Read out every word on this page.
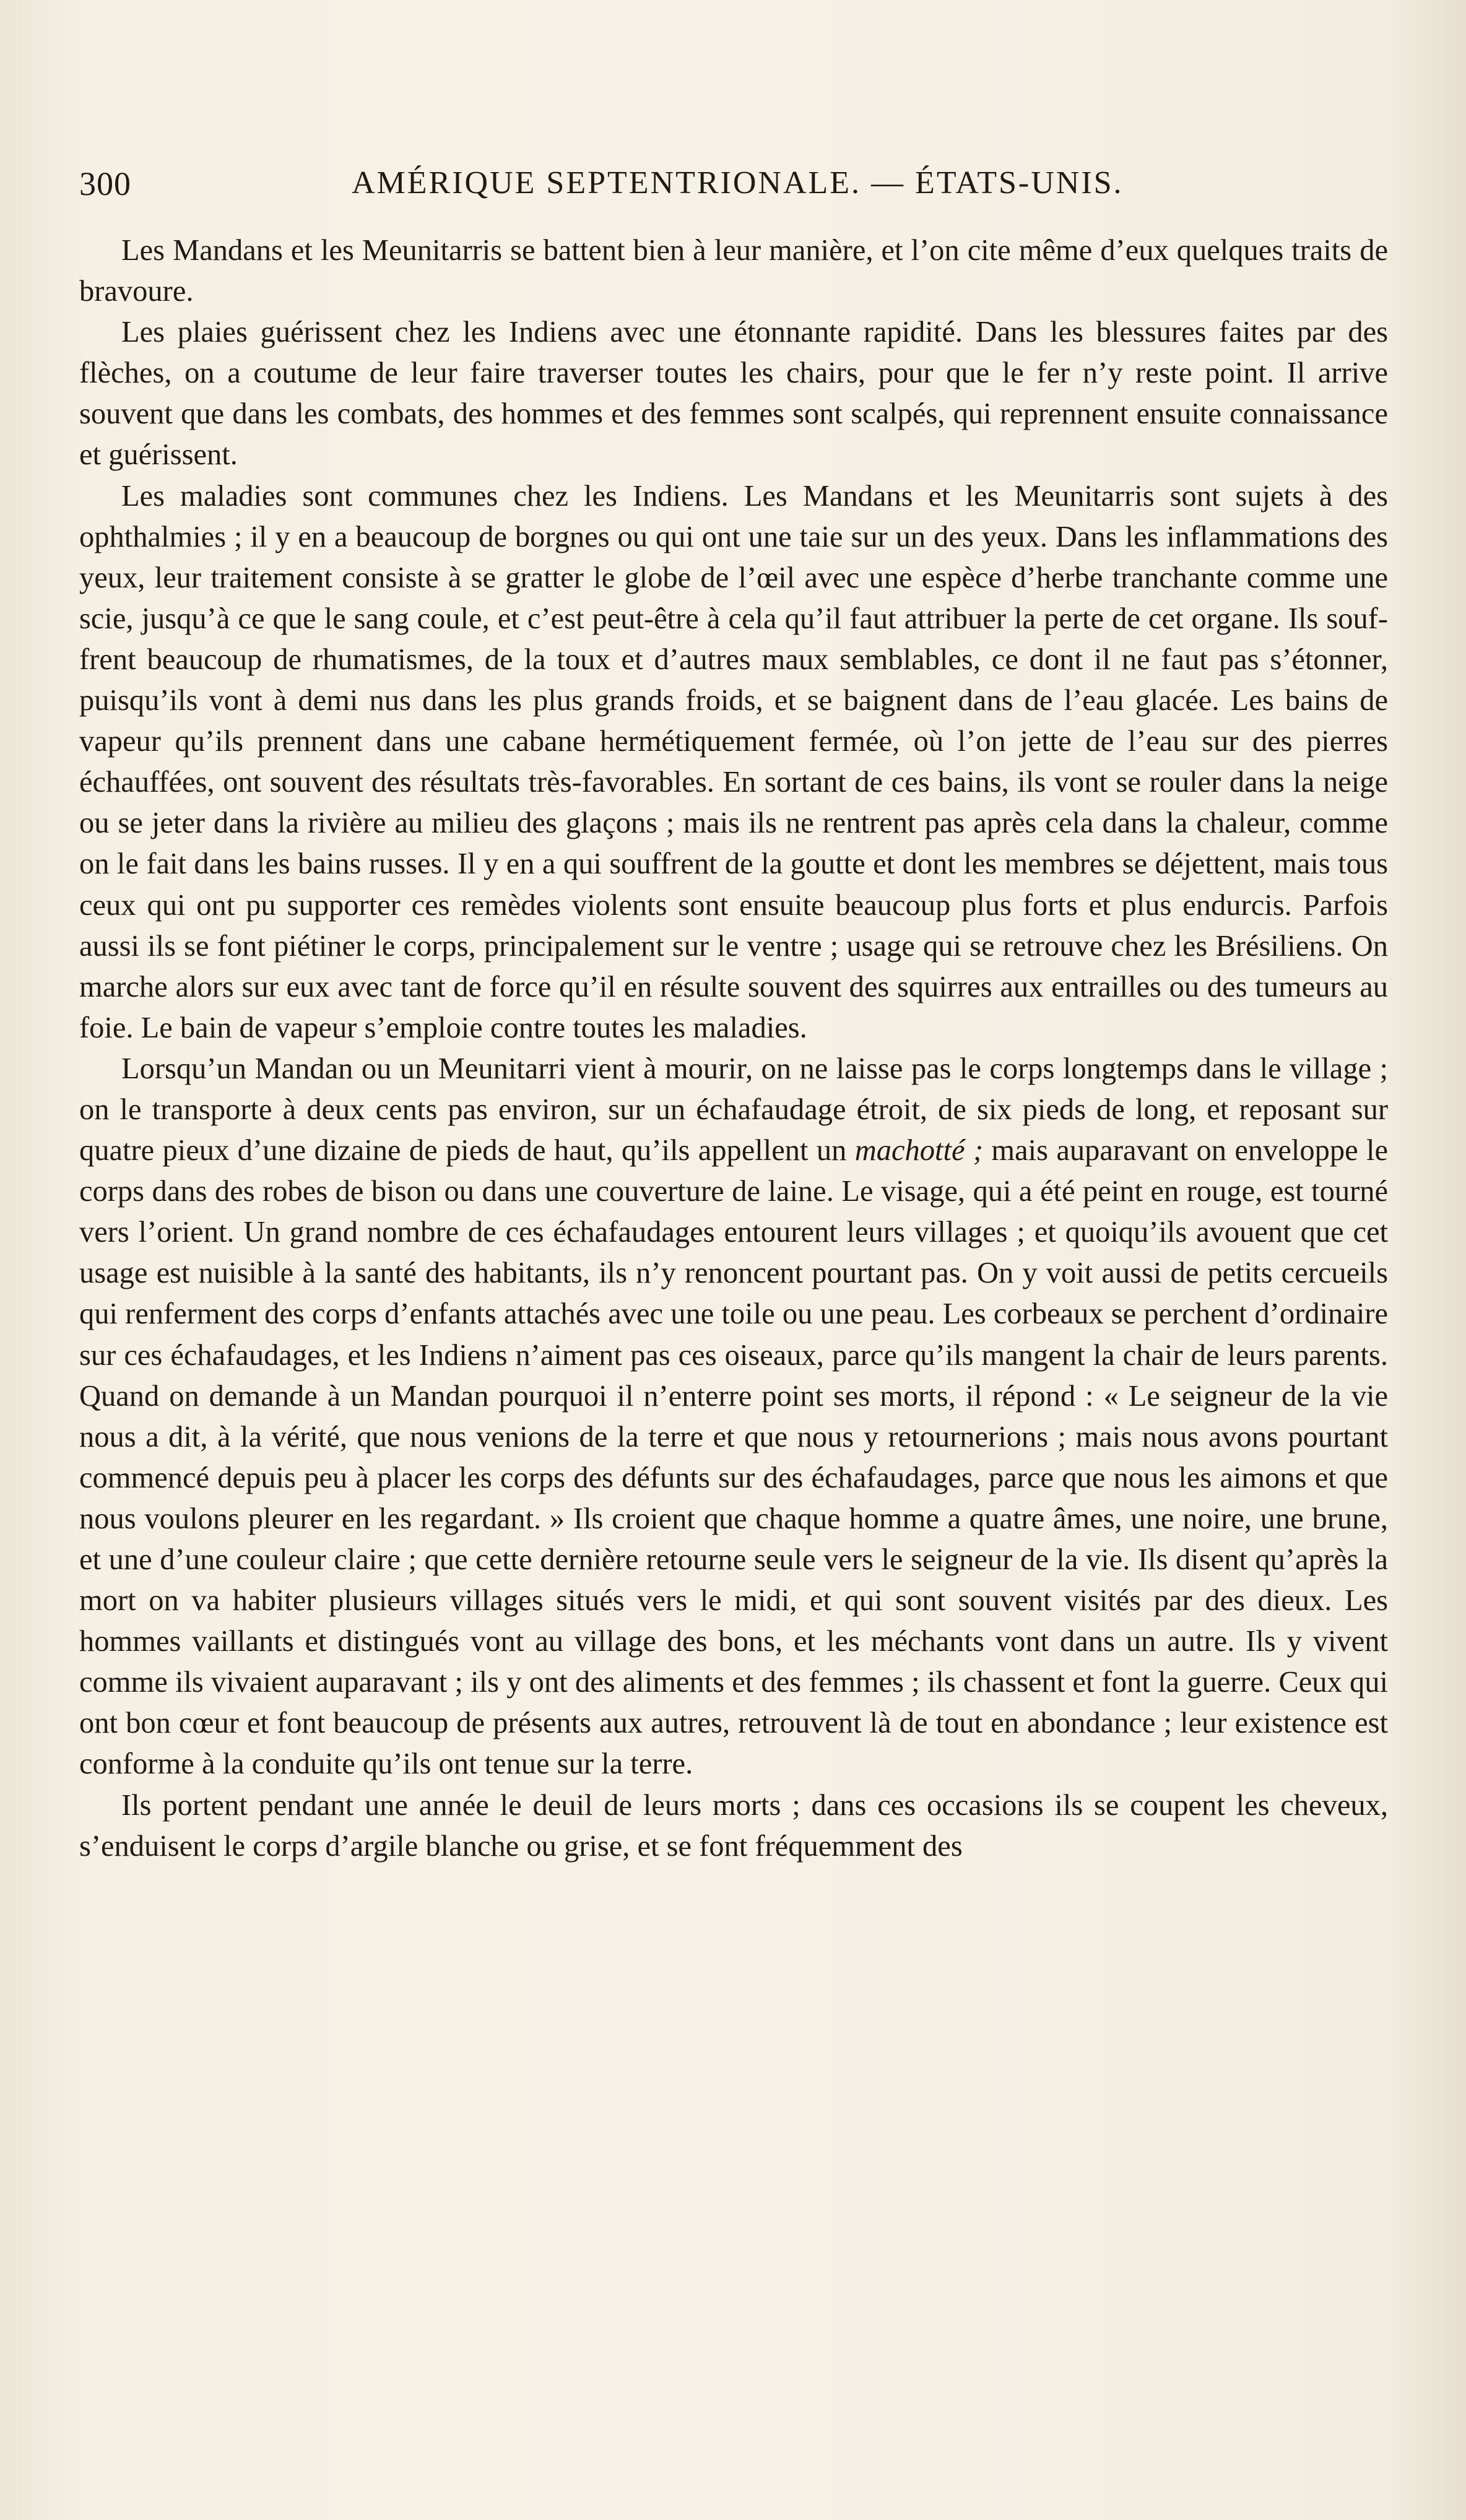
300	AMÉRIQUE SEPTENTRIONALE. — ÉTATS-UNIS.

Les Mandans et les Meunitarris se battent bien à leur manière, et l’on cite même d’eux quelques traits de bravoure.

Les plaies guérissent chez les Indiens avec une étonnante rapidité. Dans les blessures faites par des flèches, on a coutume de leur faire traverser toutes les chairs, pour que le fer n’y reste point. Il arrive souvent que dans les combats, des hommes et des femmes sont scalpés, qui reprennent ensuite connaissance et guérissent.

Les maladies sont communes chez les Indiens. Les Mandans et les Meunitarris sont sujets à des ophthalmies ; il y en a beaucoup de borgnes ou qui ont une taie sur un des yeux. Dans les inflammations des yeux, leur traitement consiste à se gratter le globe de l’œil avec une espèce d’herbe tranchante comme une scie, jusqu’à ce que le sang coule, et c’est peut-être à cela qu’il faut attribuer la perte de cet organe. Ils souffrent beaucoup de rhumatismes, de la toux et d’autres maux semblables, ce dont il ne faut pas s’étonner, puisqu’ils vont à demi nus dans les plus grands froids, et se baignent dans de l’eau glacée. Les bains de vapeur qu’ils prennent dans une cabane hermétiquement fermée, où l’on jette de l’eau sur des pierres échauffées, ont souvent des résultats très-favorables. En sortant de ces bains, ils vont se rouler dans la neige ou se jeter dans la rivière au milieu des glaçons ; mais ils ne rentrent pas après cela dans la chaleur, comme on le fait dans les bains russes. Il y en a qui souffrent de la goutte et dont les membres se déjettent, mais tous ceux qui ont pu supporter ces remèdes violents sont ensuite beaucoup plus forts et plus endurcis. Parfois aussi ils se font piétiner le corps, principalement sur le ventre ; usage qui se retrouve chez les Brésiliens. On marche alors sur eux avec tant de force qu’il en résulte souvent des squirres aux entrailles ou des tumeurs au foie. Le bain de vapeur s’emploie contre toutes les maladies.

Lorsqu’un Mandan ou un Meunitarri vient à mourir, on ne laisse pas le corps longtemps dans le village ; on le transporte à deux cents pas environ, sur un échafaudage étroit, de six pieds de long, et reposant sur quatre pieux d’une dizaine de pieds de haut, qu’ils appellent un machotté ; mais auparavant on enveloppe le corps dans des robes de bison ou dans une couverture de laine. Le visage, qui a été peint en rouge, est tourné vers l’orient. Un grand nombre de ces échafaudages entourent leurs villages ; et quoiqu’ils avouent que cet usage est nuisible à la santé des habitants, ils n’y renoncent pourtant pas. On y voit aussi de petits cercueils qui renferment des corps d’enfants attachés avec une toile ou une peau. Les corbeaux se perchent d’ordinaire sur ces échafaudages, et les Indiens n’aiment pas ces oiseaux, parce qu’ils mangent la chair de leurs parents. Quand on demande à un Mandan pourquoi il n’enterre point ses morts, il répond : « Le seigneur de la vie nous a dit, à la vérité, que nous venions de la terre et que nous y retournerions ; mais nous avons pourtant commencé depuis peu à placer les corps des défunts sur des échafaudages, parce que nous les aimons et que nous voulons pleurer en les regardant. » Ils croient que chaque homme a quatre âmes, une noire, une brune, et une d’une couleur claire ; que cette dernière retourne seule vers le seigneur de la vie. Ils disent qu’après la mort on va habiter plusieurs villages situés vers le midi, et qui sont souvent visités par des dieux. Les hommes vaillants et distingués vont au village des bons, et les méchants vont dans un autre. Ils y vivent comme ils vivaient auparavant ; ils y ont des aliments et des femmes ; ils chassent et font la guerre. Ceux qui ont bon cœur et font beaucoup de présents aux autres, retrouvent là de tout en abondance ; leur existence est conforme à la conduite qu’ils ont tenue sur la terre.

Ils portent pendant une année le deuil de leurs morts ; dans ces occasions ils se coupent les cheveux, s’enduisent le corps d’argile blanche ou grise, et se font fréquemment des
